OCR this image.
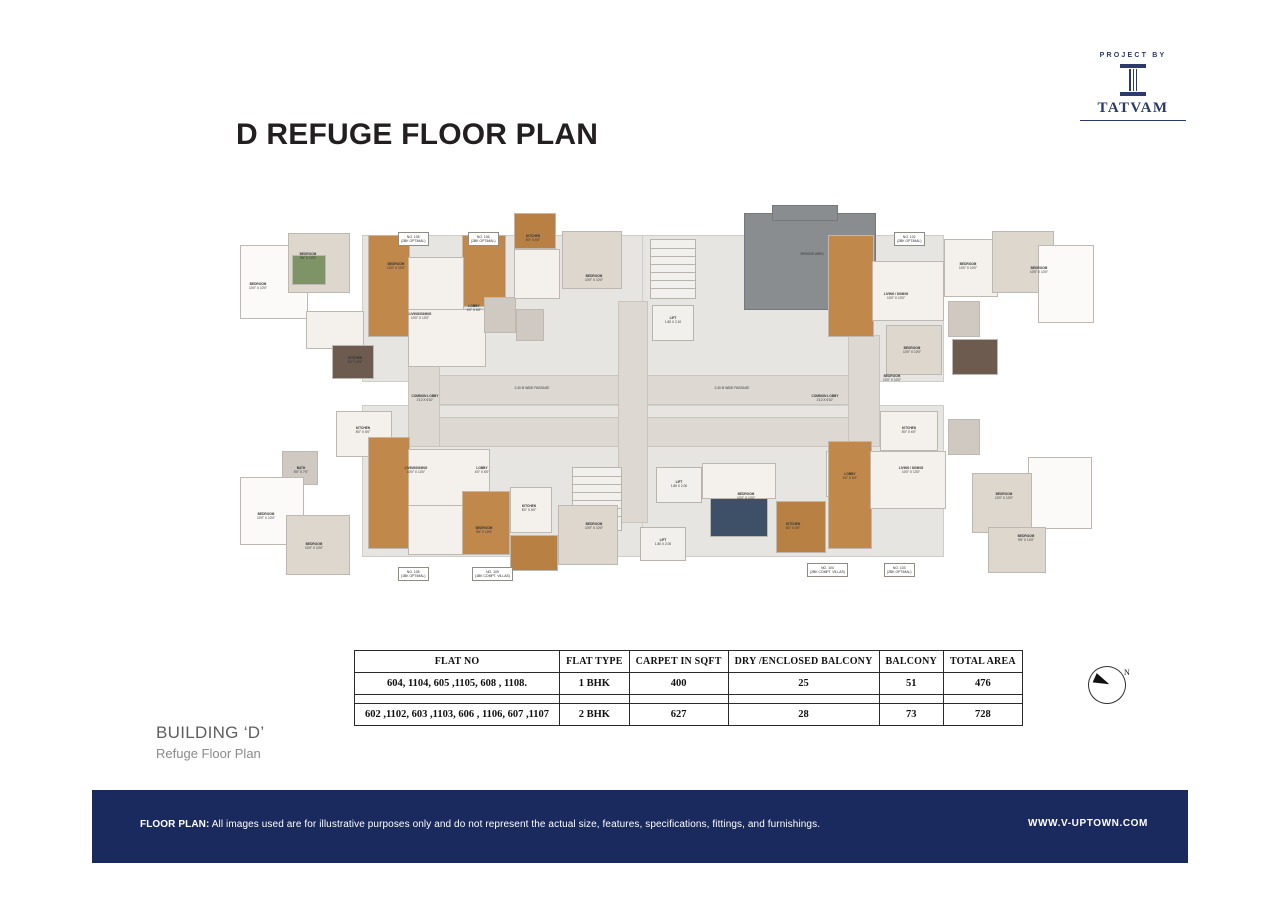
PROJECT BY
TATVAM
D REFUGE FLOOR PLAN
SERVICE AREA
NO. 105
(2BK OPTIMAL)
NO. 106
(2BK OPTIMAL)
NO. 102
(2BK OPTIMAL)
NO. 108
(1BK OPTIMAL)
NO. 109
(1BK COMPT. VILLAS)
NO. 104
(2BK COMPT. VILLAS)
NO. 103
(2BK OPTIMAL)
BEDROOM
10'0" X 10'0"
BEDROOM
9'6" X 10'0"
BEDROOM
10'0" X 10'0"
LIVING/DINING
10'0" X 13'0"
LOBBY
4'0" X 6'0"
KITCHEN
8'0" X 6'0"
KITCHEN
8'0" X 6'0"
BEDROOM
10'0" X 10'0"
COMMON LOBBY
1'10 X 6'10"
2.40 M WIDE PASSAGE	2.40 M WIDE PASSAGE
COMMON LOBBY
1'10 X 6'10"
LIFT
1.80 X 2.10
LIFT
1.80 X 2.00
LIFT
1.80 X 2.00
LIVING / DINING
10'0" X 13'0"
BEDROOM
10'0" X 10'0"
BEDROOM
10'0" X 10'0"	BEDROOM
10'5" X 10'0"
KITCHEN
8'0" X 6'0"
BATH
5'0" X 7'0"
LIVING/DINING
10'0" X 13'0"
LOBBY
4'0" X 6'0"
BEDROOM
10'0" X 10'0"
BEDROOM
10'0" X 10'0"
BEDROOM
9'6" X 10'0"
KITCHEN
8'0" X 6'0"
BEDROOM
10'0" X 10'0"
BEDROOM
10'0" X 10'0"
KITCHEN
8'0" X 6'0"
LOBBY
4'0" X 6'0"
LIVING / DINING
10'0" X 13'0"
KITCHEN
8'0" X 6'0"
BEDROOM
10'0" X 10'0"
BEDROOM
10'0" X 10'0"
BEDROOM
9'6" X 10'0"
FLAT NO	FLAT TYPE	CARPET IN SQFT	DRY /ENCLOSED BALCONY	BALCONY	TOTAL AREA
604, 1104, 605 ,1105, 608 , 1108.	1 BHK	400	25	51	476

602 ,1102, 603 ,1103, 606 , 1106, 607 ,1107	2 BHK	627	28	73	728
N
BUILDING ‘D’
Refuge Floor Plan
FLOOR PLAN: All images used are for illustrative purposes only and do not represent the actual size, features, specifications, fittings, and furnishings.	WWW.V-UPTOWN.COM
